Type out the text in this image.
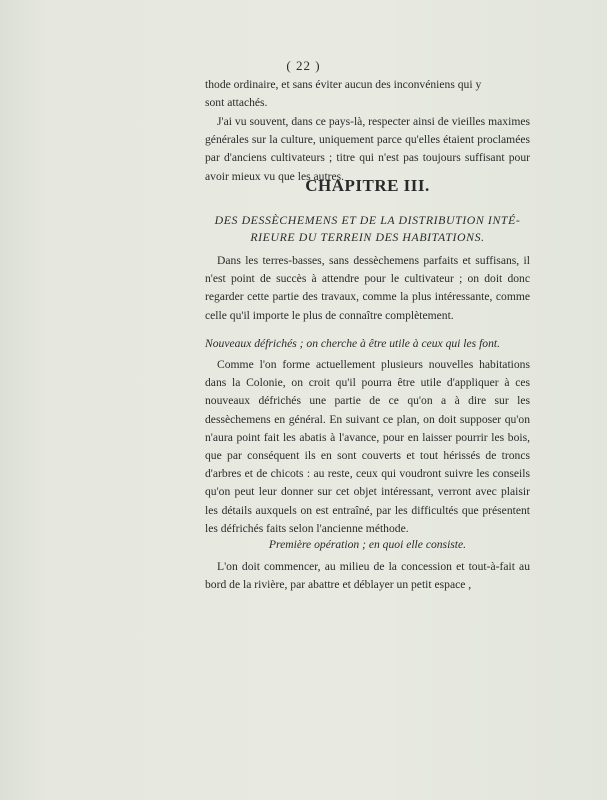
( 22 )

thode ordinaire, et sans éviter aucun des inconvéniens qui y

sont attachés.

J'ai vu souvent, dans ce pays-là, respecter ainsi de vieilles maximes générales sur la culture, uniquement parce qu'elles étaient proclamées par d'anciens cultivateurs ; titre qui n'est pas toujours suffisant pour avoir mieux vu que les autres.

CHAPITRE III.
DES DESSÈCHEMENS ET DE LA DISTRIBUTION INTÉ-
RIEURE DU TERREIN DES HABITATIONS.

Dans les terres-basses, sans dessèchemens parfaits et suffisans, il n'est point de succès à attendre pour le cultivateur ; on doit donc regarder cette partie des travaux, comme la plus intéressante, comme celle qu'il importe le plus de connaître complètement.

Nouveaux défrichés ; on cherche à être utile à ceux qui les font.

Comme l'on forme actuellement plusieurs nouvelles habitations dans la Colonie, on croit qu'il pourra être utile d'appliquer à ces nouveaux défrichés une partie de ce qu'on a à dire sur les dessèchemens en général. En suivant ce plan, on doit supposer qu'on n'aura point fait les abatis à l'avance, pour en laisser pourrir les bois, que par conséquent ils en sont couverts et tout hérissés de troncs d'arbres et de chicots : au reste, ceux qui voudront suivre les conseils qu'on peut leur donner sur cet objet intéressant, verront avec plaisir les détails auxquels on est entraîné, par les difficultés que présentent les défrichés faits selon l'ancienne méthode.

Première opération ; en quoi elle consiste.

L'on doit commencer, au milieu de la concession et tout-à-fait au bord de la rivière, par abattre et déblayer un petit espace ,
